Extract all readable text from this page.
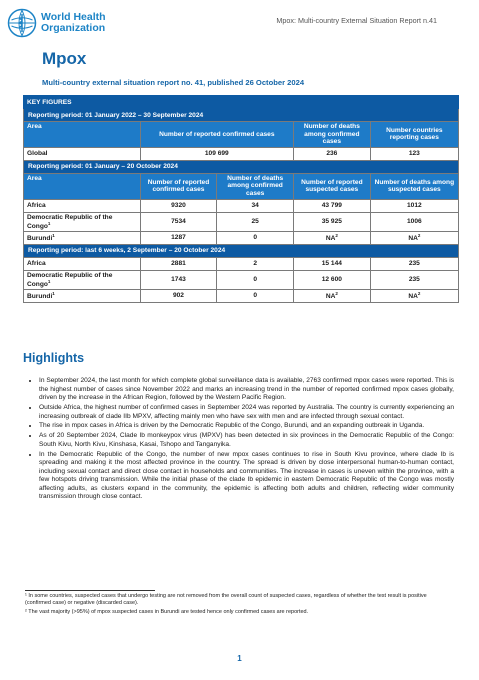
World Health
Organization
Mpox: Multi-country External Situation Report n.41
Mpox
Multi-country external situation report no. 41, published 26 October 2024
KEY FIGURES				
Reporting period: 01 January 2022 – 30 September 2024				
Area	Number of reported confirmed cases		Number of deaths among confirmed cases	Number countries reporting cases
Global	109 699		236	123
Reporting period: 01 January – 20 October 2024				
Area	Number of reported confirmed cases	Number of deaths among confirmed cases	Number of reported suspected cases	Number of deaths among suspected cases
Africa	9320	34	43 799	1012
Democratic Republic of the Congo$^1$	7534	25	35 925	1006
Burundi$^1$	1287	0	$NA^2$	$NA^2$
Reporting period: last 6 weeks, 2 September – 20 October 2024				
Africa	2881	2	15 144	235
Democratic Republic of the Congo$^1$	1743	0	12 600	235
Burundi$^1$	902	0	$NA^2$	$NA^2$
Highlights
• In September 2024, the last month for which complete global surveillance data is available, 2763 confirmed mpox cases were reported. This is the highest number of cases since November 2022 and marks an increasing trend in the number of reported confirmed mpox cases globally, driven by the increase in the African Region, followed by the Western Pacific Region.
• Outside Africa, the highest number of confirmed cases in September 2024 was reported by Australia. The country is currently experiencing an increasing outbreak of clade IIb MPXV, affecting mainly men who have sex with men and are infected through sexual contact.
• The rise in mpox cases in Africa is driven by the Democratic Republic of the Congo, Burundi, and an expanding outbreak in Uganda.
• As of 20 September 2024, Clade Ib monkeypox virus (MPXV) has been detected in six provinces in the Democratic Republic of the Congo: South Kivu, North Kivu, Kinshasa, Kasai, Tshopo and Tanganyika.
• In the Democratic Republic of the Congo, the number of new mpox cases continues to rise in South Kivu province, where clade Ib is spreading and making it the most affected province in the country. The spread is driven by close interpersonal human-to-human contact, including sexual contact and direct close contact in households and communities. The increase in cases is uneven within the province, with a few hotspots driving transmission. While the initial phase of the clade Ib epidemic in eastern Democratic Republic of the Congo was mostly affecting adults, as clusters expand in the community, the epidemic is affecting both adults and children, reflecting wider community transmission through close contact.
¹ In some countries, suspected cases that undergo testing are not removed from the overall count of suspected cases, regardless of whether the test result is positive (confirmed case) or negative (discarded case).
² The vast majority (>95%) of mpox suspected cases in Burundi are tested hence only confirmed cases are reported.
1
